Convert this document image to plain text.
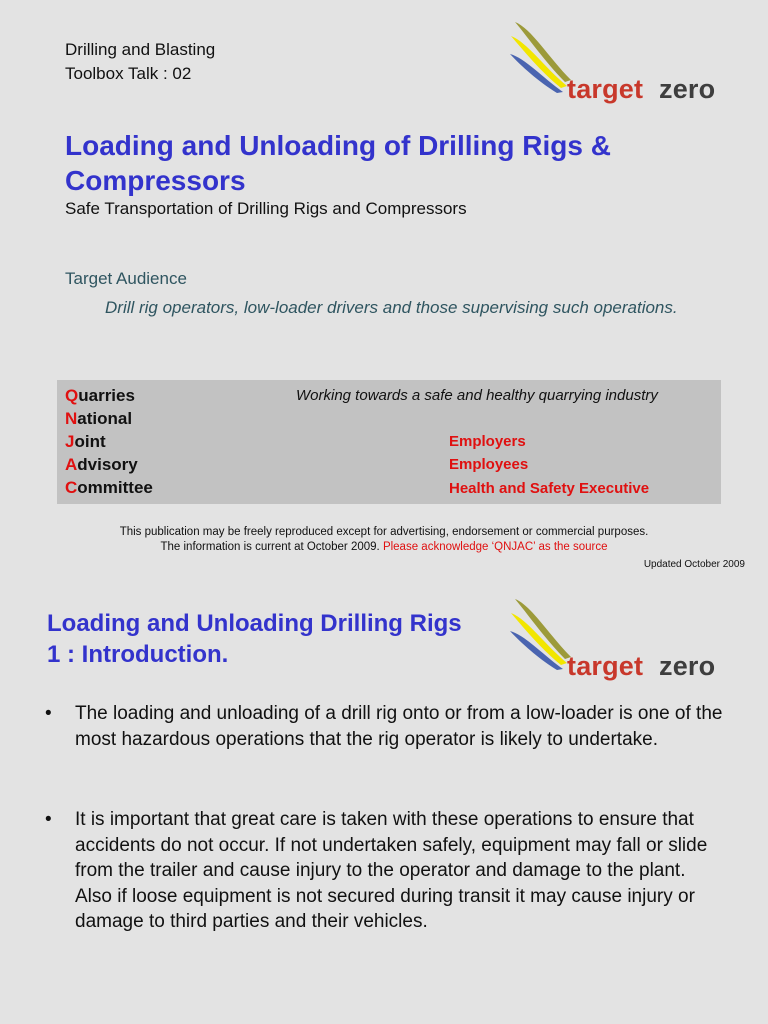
Drilling and Blasting
Toolbox Talk : 02
target zero
Loading and Unloading of Drilling Rigs &
Compressors
Safe Transportation of Drilling Rigs and Compressors
Target Audience
Drill rig operators, low-loader drivers and those supervising such operations.
Quarries
National
Joint
Advisory
Committee
Working towards a safe and healthy quarrying industry
Employers
Employees
Health and Safety Executive
This publication may be freely reproduced except for advertising, endorsement or commercial purposes.
The information is current at October 2009. Please acknowledge ‘QNJAC’ as the source
Updated October 2009
Loading and Unloading Drilling Rigs
1 : Introduction.	target zero
• The loading and unloading of a drill rig onto or from a low-loader is one of the most hazardous operations that the rig operator is likely to undertake.
• It is important that great care is taken with these operations to ensure that accidents do not occur. If not undertaken safely, equipment may fall or slide from the trailer and cause injury to the operator and damage to the plant. Also if loose equipment is not secured during transit it may cause injury or damage to third parties and their vehicles.
